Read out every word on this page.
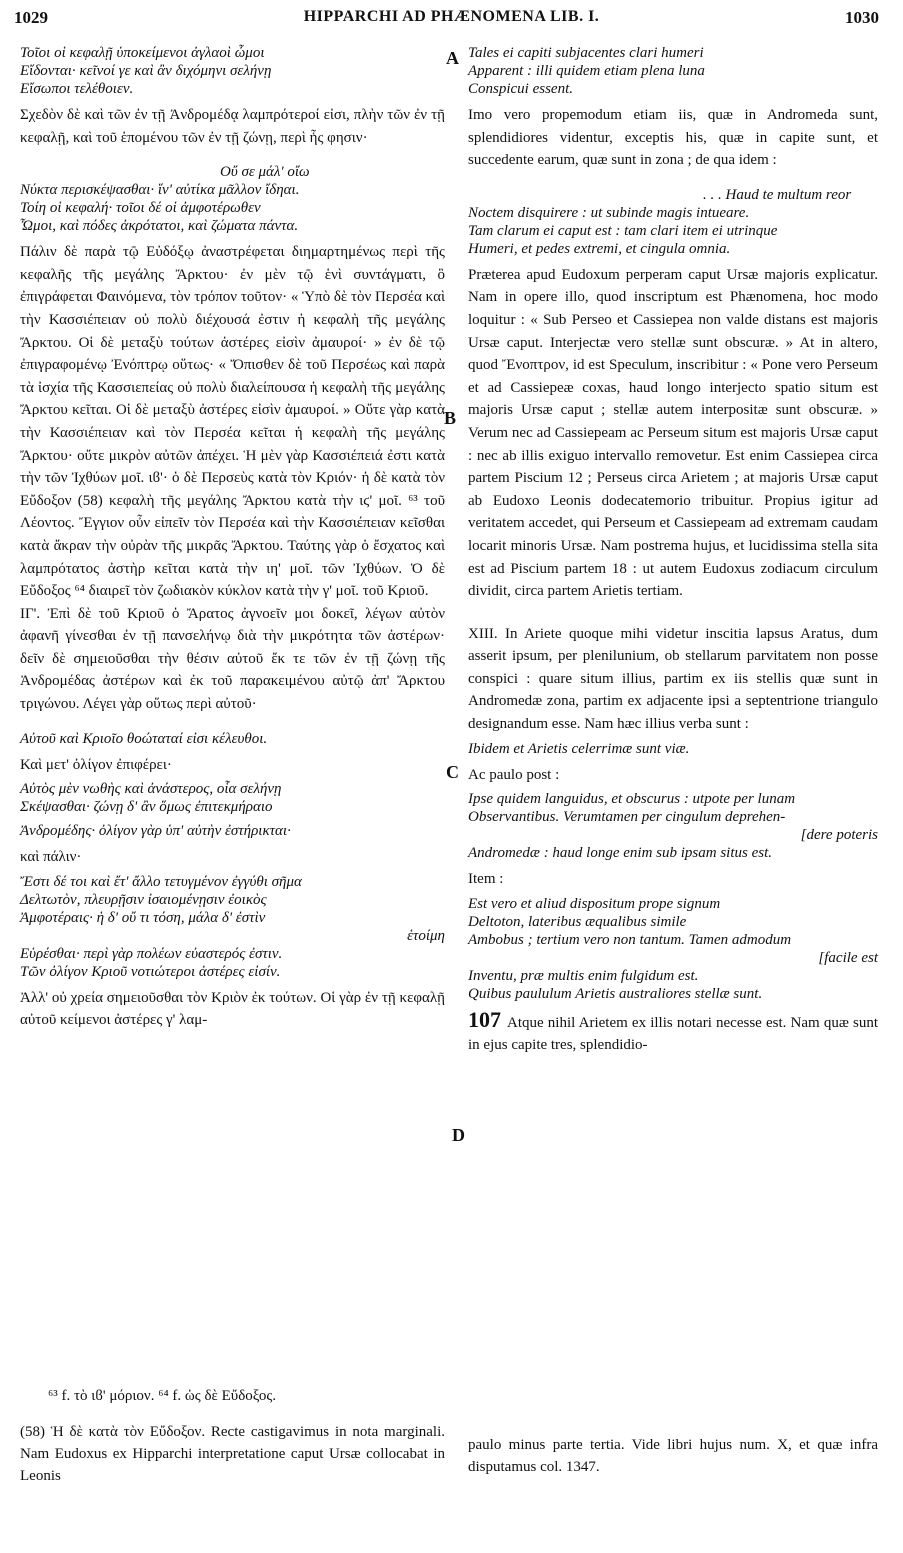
1029	HIPPARCHI AD PHÆNOMENA LIB. I.	1030
A
B
C
D
Τοῖοι οἱ κεφαλῇ ὑποκείμενοι ἀγλαοὶ ὦμοι
Εἴδονται· κεῖνοί γε καὶ ἂν διχόμηνι σελήνῃ
Εἴσωποι τελέθοιεν.

Σχεδὸν δὲ καὶ τῶν ἐν τῇ Ἀνδρομέδᾳ λαμπρότεροί εἰσι, πλὴν τῶν ἐν τῇ κεφαλῇ, καὶ τοῦ ἑπομένου τῶν ἐν τῇ ζώνῃ, περὶ ἧς φησιν·

Οὔ σε μάλ' οἴω
Νύκτα περισκέψασθαι· ἵν' αὐτίκα μᾶλλον ἴδηαι.
Τοίη οἱ κεφαλή· τοῖοι δέ οἱ ἀμφοτέρωθεν
Ὦμοι, καὶ πόδες ἀκρότατοι, καὶ ζώματα πάντα.

Πάλιν δὲ παρὰ τῷ Εὐδόξῳ ἀναστρέφεται διημαρτημένως περὶ τῆς κεφαλῆς τῆς μεγάλης Ἄρκτου· ἐν μὲν τῷ ἑνὶ συντάγματι, ὃ ἐπιγράφεται Φαινόμενα, τὸν τρόπον τοῦτον· « Ὑπὸ δὲ τὸν Περσέα καὶ τὴν Κασσιέπειαν οὐ πολὺ διέχουσά ἐστιν ἡ κεφαλὴ τῆς μεγάλης Ἄρκτου. Οἱ δὲ μεταξὺ τούτων ἀστέρες εἰσὶν ἀμαυροί· » ἐν δὲ τῷ ἐπιγραφομένῳ Ἐνόπτρῳ οὕτως· « Ὄπισθεν δὲ τοῦ Περσέως καὶ παρὰ τὰ ἰσχία τῆς Κασσιεπείας οὐ πολὺ διαλείπουσα ἡ κεφαλὴ τῆς μεγάλης Ἄρκτου κεῖται. Οἱ δὲ μεταξὺ ἀστέρες εἰσὶν ἀμαυροί. » Οὔτε γὰρ κατὰ τὴν Κασσιέπειαν καὶ τὸν Περσέα κεῖται ἡ κεφαλὴ τῆς μεγάλης Ἄρκτου· οὔτε μικρὸν αὐτῶν ἀπέχει. Ἡ μὲν γὰρ Κασσιέπειά ἐστι κατὰ τὴν τῶν Ἰχθύων μοῖ. ιϐ'· ὁ δὲ Περσεὺς κατὰ τὸν Κριόν· ἡ δὲ κατὰ τὸν Εὔδοξον (58) κεφαλὴ τῆς μεγάλης Ἄρκτου κατὰ τὴν ιϛ' μοῖ. ⁶³ τοῦ Λέοντος. Ἔγγιον οὖν εἰπεῖν τὸν Περσέα καὶ τὴν Κασσιέπειαν κεῖσθαι κατὰ ἄκραν τὴν οὐρὰν τῆς μικρᾶς Ἄρκτου. Ταύτης γὰρ ὁ ἔσχατος καὶ λαμπρότατος ἀστὴρ κεῖται κατὰ τὴν ιη' μοῖ. τῶν Ἰχθύων. Ὁ δὲ Εὔδοξος ⁶⁴ διαιρεῖ τὸν ζωδιακὸν κύκλον κατὰ τὴν γ' μοῖ. τοῦ Κριοῦ.

ΙΓ'. Ἐπὶ δὲ τοῦ Κριοῦ ὁ Ἄρατος ἀγνοεῖν μοι δοκεῖ, λέγων αὐτὸν ἀφανῆ γίνεσθαι ἐν τῇ πανσελήνῳ διὰ τὴν μικρότητα τῶν ἀστέρων· δεῖν δὲ σημειοῦσθαι τὴν θέσιν αὐτοῦ ἔκ τε τῶν ἐν τῇ ζώνῃ τῆς Ἀνδρομέδας ἀστέρων καὶ ἐκ τοῦ παρακειμένου αὐτῷ ἀπ' Ἄρκτου τριγώνου. Λέγει γὰρ οὕτως περὶ αὐτοῦ·

Αὐτοῦ καὶ Κριοῖο θοώταταί εἰσι κέλευθοι.

Καὶ μετ' ὀλίγον ἐπιφέρει·

Αὐτὸς μὲν νωθὴς καὶ ἀνάστερος, οἷα σελήνῃ
Σκέψασθαι· ζώνῃ δ' ἂν ὅμως ἐπιτεκμήραιο
Ἀνδρομέδης· ὀλίγον γὰρ ὑπ' αὐτὴν ἐστήρικται·

καὶ πάλιν·

Ἔστι δέ τοι καὶ ἔτ' ἄλλο τετυγμένον ἐγγύθι σῆμα
Δελτωτὸν, πλευρῇσιν ἰσαιομένῃσιν ἐοικὸς
Ἀμφοτέραις· ἡ δ' οὔ τι τόση, μάλα δ' ἐστὶν
ἑτοίμη
Εὑρέσθαι· περὶ γὰρ πολέων εὐαστερός ἐστιν.
Τῶν ὀλίγον Κριοῦ νοτιώτεροι ἀστέρες εἰσίν.

Ἀλλ' οὐ χρεία σημειοῦσθαι τὸν Κριὸν ἐκ τούτων. Οἱ γὰρ ἐν τῇ κεφαλῇ αὐτοῦ κείμενοι ἀστέρες γ' λαμ-

Tales ei capiti subjacentes clari humeri
Apparent : illi quidem etiam plena luna
Conspicui essent.

Imo vero propemodum etiam iis, quæ in Andromeda sunt, splendidiores videntur, exceptis his, quæ in capite sunt, et succedente earum, quæ sunt in zona ; de qua idem :

. . . Haud te multum reor
Noctem disquirere : ut subinde magis intueare.
Tam clarum ei caput est : tam clari item ei utrinque
Humeri, et pedes extremi, et cingula omnia.

Præterea apud Eudoxum perperam caput Ursæ majoris explicatur. Nam in opere illo, quod inscriptum est Phænomena, hoc modo loquitur : « Sub Perseo et Cassiepea non valde distans est majoris Ursæ caput. Interjectæ vero stellæ sunt obscuræ. » At in altero, quod Ἔνοπτρον, id est Speculum, inscribitur : « Pone vero Perseum et ad Cassiepeæ coxas, haud longo interjecto spatio situm est majoris Ursæ caput ; stellæ autem interpositæ sunt obscuræ. » Verum nec ad Cassiepeam ac Perseum situm est majoris Ursæ caput : nec ab illis exiguo intervallo removetur. Est enim Cassiepea circa partem Piscium 12 ; Perseus circa Arietem ; at majoris Ursæ caput ab Eudoxo Leonis dodecatemorio tribuitur. Propius igitur ad veritatem accedet, qui Perseum et Cassiepeam ad extremam caudam locarit minoris Ursæ. Nam postrema hujus, et lucidissima stella sita est ad Piscium partem 18 : ut autem Eudoxus zodiacum circulum dividit, circa partem Arietis tertiam.

XIII. In Ariete quoque mihi videtur inscitia lapsus Aratus, dum asserit ipsum, per plenilunium, ob stellarum parvitatem non posse conspici : quare situm illius, partim ex iis stellis quæ sunt in Andromedæ zona, partim ex adjacente ipsi a septentrione triangulo designandum esse. Nam hæc illius verba sunt :

Ibidem et Arietis celerrimæ sunt viæ.

Ac paulo post :

Ipse quidem languidus, et obscurus : utpote per lunam
Observantibus. Verumtamen per cingulum deprehen-
[dere poteris
Andromedæ : haud longe enim sub ipsam situs est.

Item :

Est vero et aliud dispositum prope signum
Deltoton, lateribus æqualibus simile
Ambobus ; tertium vero non tantum. Tamen admodum
[facile est
Inventu, præ multis enim fulgidum est.
Quibus paululum Arietis australiores stellæ sunt.

107 Atque nihil Arietem ex illis notari necesse est. Nam quæ sunt in ejus capite tres, splendidio-

⁶³ f. τὸ ιϐ' μόριον. ⁶⁴ f. ὡς δὲ Εὔδοξος.

(58) Ἡ δὲ κατὰ τὸν Εὔδοξον. Recte castigavimus in nota marginali. Nam Eudoxus ex Hipparchi interpretatione caput Ursæ collocabat in Leonis

paulo minus parte tertia. Vide libri hujus num. X, et quæ infra disputamus col. 1347.
